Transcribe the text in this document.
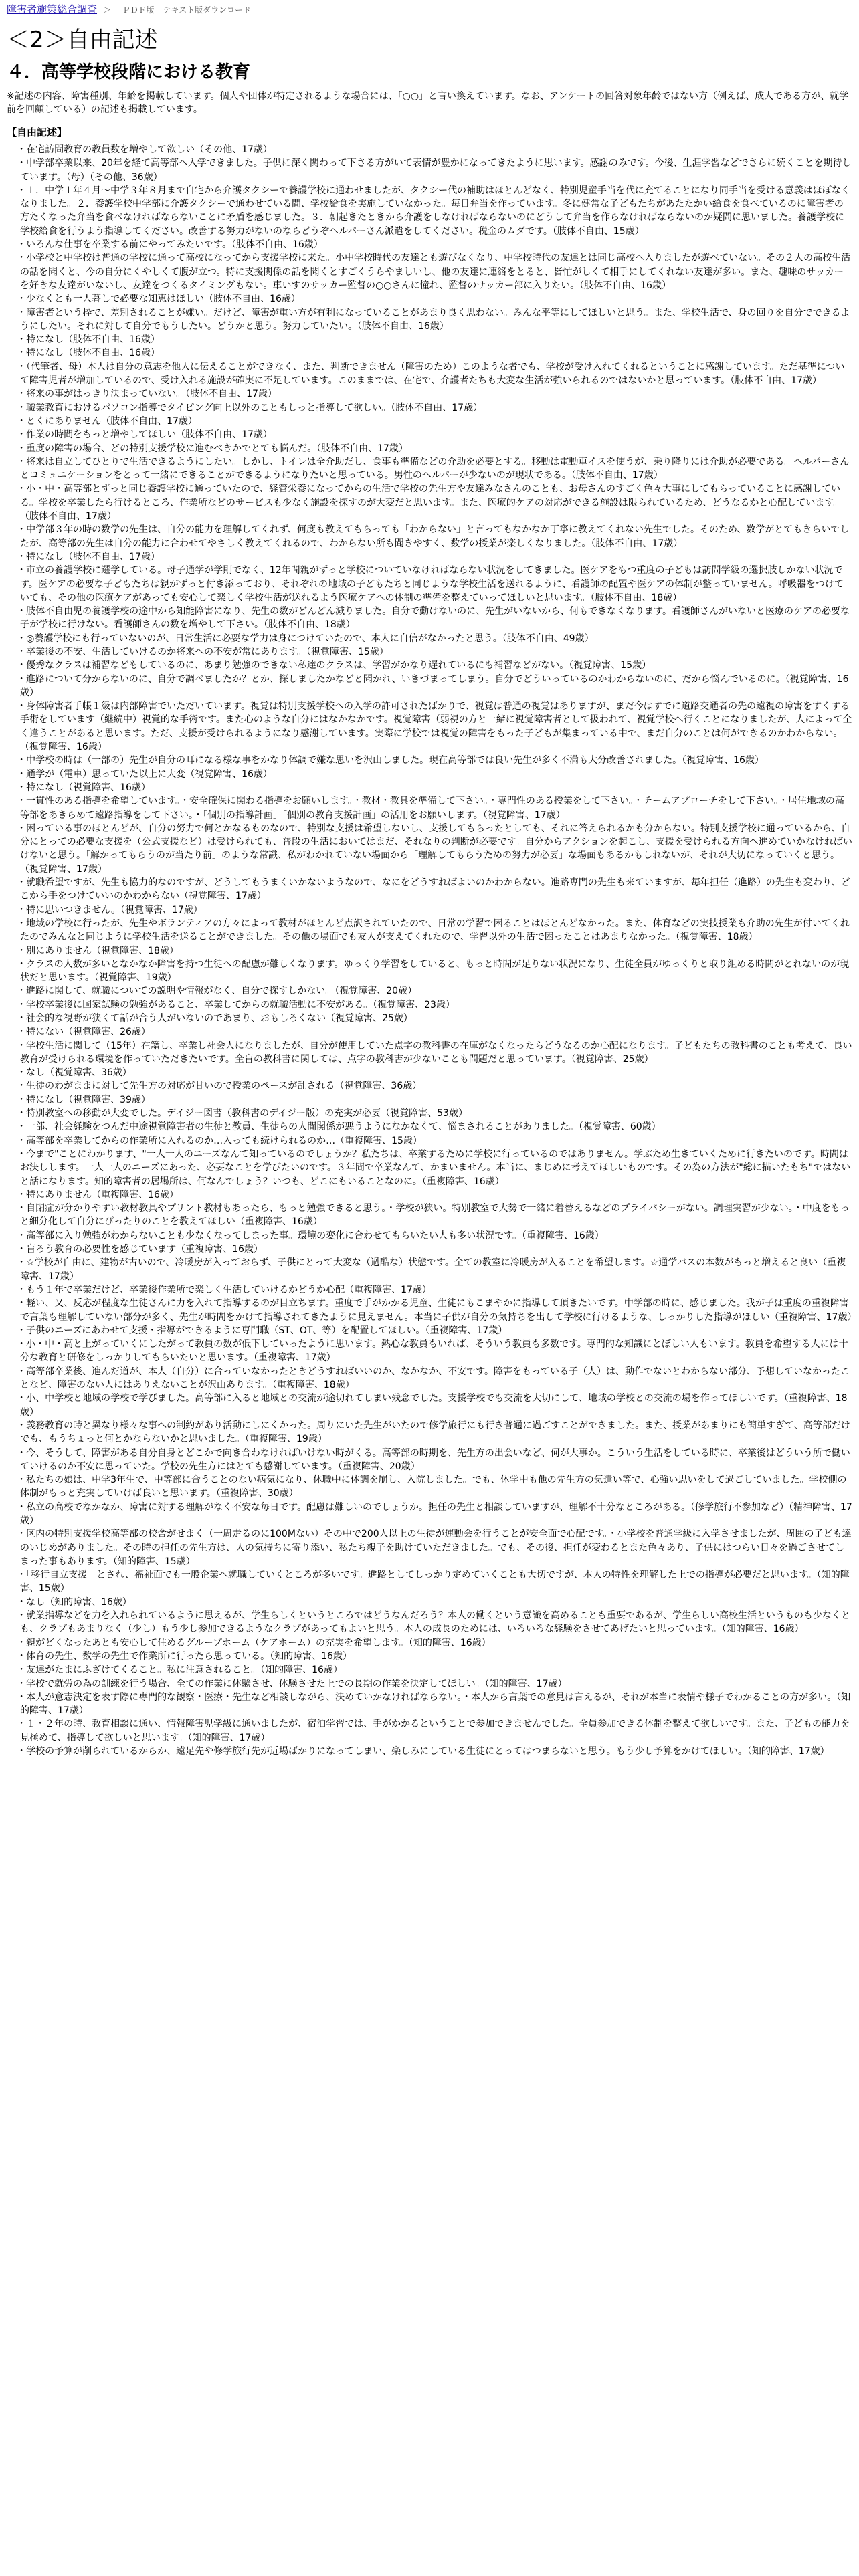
障害者施策総合調査 ＞ ＰＤＦ版 テキスト版ダウンロード
＜2＞自由記述
４．高等学校段階における教育

※記述の内容、障害種別、年齢を掲載しています。個人や団体が特定されるような場合には、「○○」と言い換えています。なお、アンケートの回答対象年齢ではない方（例えば、成人である方が、就学前を回顧している）の記述も掲載しています。

【自由記述】
・在宅訪問教育の教員数を増やして欲しい（その他、17歳）
・中学部卒業以来、20年を経て高等部へ入学できました。子供に深く関わって下さる方がいて表情が豊かになってきたように思います。感謝のみです。今後、生涯学習などでさらに続くことを期待しています。（母）（その他、36歳）
・１．中学１年４月～中学３年８月まで自宅から介護タクシーで養護学校に通わせましたが、タクシー代の補助はほとんどなく、特別児童手当を代に充てることになり同手当を受ける意義はほぼなくなりました。２．養護学校中学部に介護タクシーで通わせている間、学校給食を実施していなかった。毎日弁当を作っています。冬に健常な子どもたちがあたたかい給食を食べているのに障害者の方たくなった弁当を食べなければならないことに矛盾を感じました。３．朝起きたときから介護をしなければならないのにどうして弁当を作らなければならないのか疑問に思いました。養護学校に学校給食を行うよう指導してください。改善する努力がないのならどうぞヘルパーさん派遣をしてください。税金のムダです。（肢体不自由、15歳）
・いろんな仕事を卒業する前にやってみたいです。（肢体不自由、16歳）
・小学校と中学校は普通の学校に通って高校になってから支援学校に来た。小中学校時代の友達とも遊びなくなり、中学校時代の友達とは同じ高校へ入りましたが遊べていない。その２人の高校生活の話を聞くと、今の自分にくやしくて腹が立つ。特に支援関係の話を聞くとすごくうらやましいし、他の友達に連絡をとると、皆忙がしくて相手にしてくれない友達が多い。また、趣味のサッカーを好きな友達がいないし、友達をつくるタイミングもない。車いすのサッカー監督の○○さんに憧れ、監督のサッカー部に入りたい。（肢体不自由、16歳）
・少なくとも一人暮しで必要な知恵はほしい（肢体不自由、16歳）
・障害者という枠で、差別されることが嫌い。だけど、障害が重い方が有利になっていることがあまり良く思わない。みんな平等にしてほしいと思う。また、学校生活で、身の回りを自分でできるようにしたい。それに対して自分でもうしたい。どうかと思う。努力していたい。（肢体不自由、16歳）
・特になし（肢体不自由、16歳）
・特になし（肢体不自由、16歳）
・（代筆者、母）本人は自分の意志を他人に伝えることができなく、また、判断できません（障害のため）このような者でも、学校が受け入れてくれるということに感謝しています。ただ基準について障害児者が増加しているので、受け入れる施設が確実に不足しています。このままでは、在宅で、介護者たちも大変な生活が強いられるのではないかと思っています。（肢体不自由、17歳）
・将来の事がはっきり決まっていない。（肢体不自由、17歳）
・職業教育におけるパソコン指導でタイピング向上以外のこともしっと指導して欲しい。（肢体不自由、17歳）
・とくにありません（肢体不自由、17歳）
・作業の時間をもっと増やしてほしい（肢体不自由、17歳）
・重度の障害の場合、どの特別支援学校に進むべきかでとても悩んだ。（肢体不自由、17歳）
・将来は自立してひとりで生活できるようにしたい。しかし、トイレは全介助だし、食事も準備などの介助を必要とする。移動は電動車イスを使うが、乗り降りには介助が必要である。ヘルパーさんとコミュニケーションをとって一緒にできることができるようになりたいと思っている。男性のヘルパーが少ないのが現状である。（肢体不自由、17歳）
・小・中・高等部とずっと同じ養護学校に通っていたので、経管栄養になってからの生活で学校の先生方や友達みなさんのことも、お母さんのすごく色々大事にしてもらっていることに感謝している。学校を卒業したら行けるところ、作業所などのサービスも少なく施設を探すのが大変だと思います。また、医療的ケアの対応ができる施設は限られているため、どうなるかと心配しています。（肢体不自由、17歳）
・中学部３年の時の数学の先生は、自分の能力を理解してくれず、何度も教えてもらっても「わからない」と言ってもなかなか丁寧に教えてくれない先生でした。そのため、数学がとてもきらいでしたが、高等部の先生は自分の能力に合わせてやさしく教えてくれるので、わからない所も聞きやすく、数学の授業が楽しくなりました。（肢体不自由、17歳）
・特になし（肢体不自由、17歳）
・市立の養護学校に選学している。母子通学が学則でなく、12年間親がずっと学校についていなければならない状況をしてきました。医ケアをもつ重度の子どもは訪問学級の選択肢しかない状況です。医ケアの必要な子どもたちは親がずっと付き添っており、それぞれの地域の子どもたちと同じような学校生活を送れるように、看護師の配置や医ケアの体制が整っていません。呼吸器をつけていても、その他の医療ケアがあっても安心して楽しく学校生活が送れるよう医療ケアへの体制の準備を整えていってほしいと思います。（肢体不自由、18歳）
・肢体不自由児の養護学校の途中から知能障害になり、先生の数がどんどん減りました。自分で動けないのに、先生がいないから、何もできなくなります。看護師さんがいないと医療のケアの必要な子が学校に行けない。看護師さんの数を増やして下さい。（肢体不自由、18歳）
・◎養護学校にも行っていないのが、日常生活に必要な学力は身につけていたので、本人に自信がなかったと思う。（肢体不自由、49歳）
・卒業後の不安、生活していけるのか将来への不安が常にあります。（視覚障害、15歳）
・優秀なクラスは補習などもしているのに、あまり勉強のできない私達のクラスは、学習がかなり遅れているにも補習などがない。（視覚障害、15歳）
・進路について分からないのに、自分で調べましたか？とか、探しましたかなどと聞かれ、いきづまってしまう。自分でどういっているのかわからないのに、だから悩んでいるのに。（視覚障害、16歳）
・身体障害者手帳１級は内部障害でいただいています。視覚は特別支援学校への入学の許可されたばかりで、視覚は普通の視覚はありますが、まだ今はすでに道路交通者の先の遠視の障害をすくする手術をしています（継続中）視覚的な手術です。また心のような自分にはなかなかです。視覚障害（弱視の方と一緒に視覚障害者として扱われて、視覚学校へ行くことになりましたが、人によって全く違うことがあると思います。ただ、支援が受けられるようになり感謝しています。実際に学校では視覚の障害をもった子どもが集まっている中で、まだ自分のことは何ができるのかわからない。（視覚障害、16歳）
・中学校の時は（一部の）先生が自分の耳になる様な事をかなり体調で嫌な思いを沢山しました。現在高等部では良い先生が多く不満も大分改善されました。（視覚障害、16歳）
・通学が（電車）思っていた以上に大変（視覚障害、16歳）
・特になし（視覚障害、16歳）
・一貫性のある指導を希望しています。・安全確保に関わる指導をお願いします。・教材・教具を準備して下さい。・専門性のある授業をして下さい。・チームアプローチをして下さい。・居住地域の高等部をあきらめて遠路指導をして下さい。・「個別の指導計画」「個別の教育支援計画」の活用をお願いします。（視覚障害、17歳）
・困っている事のほとんどが、自分の努力で何とかなるものなので、特別な支援は希望しないし、支援してもらったとしても、それに答えられるかも分からない。特別支援学校に通っているから、自分にとっての必要な支援を（公式支援など）は受けられても、普段の生活においてはまだ、それなりの判断が必要です。自分からアクションを起こし、支援を受けられる方向へ進めていかなければいけないと思う。「解かってもらうのが当たり前」のような常識、私がわかれていない場面から「理解してもらうための努力が必要」な場面もあるかもしれないが、それが大切になっていくと思う。（視覚障害、17歳）
・就職希望ですが、先生も協力的なのですが、どうしてもうまくいかないようなので、なにをどうすればよいのかわからない。進路専門の先生も来ていますが、毎年担任（進路）の先生も変わり、どこから手をつけていいのかわからない（視覚障害、17歳）
・特に思いつきません。（視覚障害、17歳）
・地域の学校に行ったが、先生やボランティアの方々によって教材がほとんど点訳されていたので、日常の学習で困ることはほとんどなかった。また、体育などの実技授業も介助の先生が付いてくれたのでみんなと同じように学校生活を送ることができました。その他の場面でも友人が支えてくれたので、学習以外の生活で困ったことはあまりなかった。（視覚障害、18歳）
・別にありません（視覚障害、18歳）
・クラスの人数が多いとなかなか障害を持つ生徒への配慮が難しくなります。ゆっくり学習をしていると、もっと時間が足りない状況になり、生徒全員がゆっくりと取り組める時間がとれないのが現状だと思います。（視覚障害、19歳）
・進路に関して、就職についての説明や情報がなく、自分で探すしかない。（視覚障害、20歳）
・学校卒業後に国家試験の勉強があること、卒業してからの就職活動に不安がある。（視覚障害、23歳）
・社会的な視野が狭くて話が合う人がいないのであまり、おもしろくない（視覚障害、25歳）
・特にない（視覚障害、26歳）
・学校生活に関して（15年）在籍し、卒業し社会人になりましたが、自分が使用していた点字の教科書の在庫がなくなったらどうなるのか心配になります。子どもたちの教科書のことも考えて、良い教育が受けられる環境を作っていただきたいです。全盲の教科書に関しては、点字の教科書が少ないことも問題だと思っています。（視覚障害、25歳）
・なし（視覚障害、36歳）
・生徒のわがままに対して先生方の対応が甘いので授業のペースが乱される（視覚障害、36歳）
・特になし（視覚障害、39歳）
・特別教室への移動が大変でした。デイジー図書（教科書のデイジー版）の充実が必要（視覚障害、53歳）
・一部、社会経験をつんだ中途視覚障害者の生徒と教員、生徒らの人間関係が悪うようになかなくて、悩まされることがありました。（視覚障害、60歳）
・高等部を卒業してからの作業所に入れるのか…入っても続けられるのか…（重複障害、15歳）
・今まで"ことにわかります、"一人一人のニーズなんて知っているのでしょうか？私たちは、卒業するために学校に行っているのではありません。学ぶため生きていくために行きたいのです。時間はお決しします。一人一人のニーズにあった、必要なことを学びたいのです。３年間で卒業なんて、かまいません。本当に、まじめに考えてほしいものです。その為の方法が"総に描いたもち"ではないと話になります。知的障害者の居場所は、何なんでしょう？いつも、どこにもいることなのに。（重複障害、16歳）
・特にありません（重複障害、16歳）
・自閉症が分かりやすい教材教具やプリント教材もあったら、もっと勉強できると思う。・学校が狭い。特別教室で大勢で一緒に着替えるなどのプライバシーがない。調理実習が少ない。・中度をもっと細分化して自分にぴったりのことを教えてほしい（重複障害、16歳）
・高等部に入り勉強がわからないことも少なくなってしまった事。環境の変化に合わせてもらいたい人も多い状況です。（重複障害、16歳）
・盲ろう教育の必要性を感じています（重複障害、16歳）
・☆学校が自由に、建物が古いので、冷暖房が入っておらず、子供にとって大変な（過酷な）状態です。全ての教室に冷暖房が入ることを希望します。☆通学バスの本数がもっと増えると良い（重複障害、17歳）
・もう１年で卒業だけど、卒業後作業所で楽しく生活していけるかどうか心配（重複障害、17歳）
・軽い、又、反応が程度な生徒さんに力を入れて指導するのが目立ちます。重度で手がかかる児童、生徒にもこまやかに指導して頂きたいです。中学部の時に、感じました。我が子は重度の重複障害で言葉も理解していない部分が多く、先生が時間をかけて指導されてきたように見えません。本当に子供が自分の気持ちを出して学校に行けるような、しっかりした指導がほしい（重複障害、17歳）
・子供のニーズにあわせて支援・指導ができるように専門職（ST、OT、等）を配置してほしい。（重複障害、17歳）
・小・中・高と上がっていくにしたがって教員の数が低下していったように思います。熱心な教員もいれば、そういう教員も多数です。専門的な知識にとぼしい人もいます。教員を希望する人には十分な教育と研修をしっかりしてもらいたいと思います。（重複障害、17歳）
・高等部卒業後、進んだ道が、本人（自分）に合っていなかったときどうすればいいのか、なかなか、不安です。障害をもっている子（人）は、動作でないとわからない部分、予想していなかったことなど、障害のない人にはありえないことが沢山あります。（重複障害、18歳）
・小、中学校と地域の学校で学びました。高等部に入ると地域との交流が途切れてしまい残念でした。支援学校でも交流を大切にして、地域の学校との交流の場を作ってほしいです。（重複障害、18歳）
・義務教育の時と異なり様々な事への制約があり活動にしにくかった。周りにいた先生がいたので修学旅行にも行き普通に過ごすことができました。また、授業があまりにも簡単すぎて、高等部だけでも、もうちょっと何とかならないかと思いました。（重複障害、19歳）
・今、そうして、障害がある自分自身とどこかで向き合わなければいけない時がくる。高等部の時期を、先生方の出会いなど、何が大事か。こういう生活をしている時に、卒業後はどういう所で働いていけるのか不安に思っていた。学校の先生方にはとても感謝しています。（重複障害、20歳）
・私たちの娘は、中学3年生で、中等部に合うことのない病気になり、休職中に体調を崩し、入院しました。でも、休学中も他の先生方の気遣い等で、心強い思いをして過ごしていました。学校側の体制がもっと充実していけば良いと思います。（重複障害、30歳）
・私立の高校でなかなか、障害に対する理解がなく不安な毎日です。配慮は難しいのでしょうか。担任の先生と相談していますが、理解不十分なところがある。（修学旅行不参加など）（精神障害、17歳）
・区内の特別支援学校高等部の校舎がせまく（一周走るのに100Mない）その中で200人以上の生徒が運動会を行うことが安全面で心配です。・小学校を普通学級に入学させましたが、周囲の子ども達のいじめがありました。その時の担任の先生方は、人の気持ちに寄り添い、私たち親子を助けていただきました。でも、その後、担任が変わるとまた色々あり、子供にはつらい日々を過ごさせてしまった事もあります。（知的障害、15歳）
・「移行自立支援」とされ、福祉面でも一般企業へ就職していくところが多いです。進路としてしっかり定めていくことも大切ですが、本人の特性を理解した上での指導が必要だと思います。（知的障害、15歳）
・なし（知的障害、16歳）
・就業指導などを力を入れられているように思えるが、学生らしくというところではどうなんだろう？本人の働くという意識を高めることも重要であるが、学生らしい高校生活というものも少なくとも、クラブもあまりなく（少し）もう少し参加できるようなクラブがあってもよいと思う。本人の成長のためには、いろいろな経験をさせてあげたいと思っています。（知的障害、16歳）
・親がどくなったあとも安心して住めるグループホーム（ケアホーム）の充実を希望します。（知的障害、16歳）
・体育の先生、数学の先生で作業所に行ったら思っている。（知的障害、16歳）
・友達がたまにふざけてくること。私に注意されること。（知的障害、16歳）
・学校で就労の為の訓練を行う場合、全ての作業に体験させ、体験させた上での長期の作業を決定してほしい。（知的障害、17歳）
・本人が意志決定を表す際に専門的な観察・医療・先生など相談しながら、決めていかなければならない。・本人から言葉での意見は言えるが、それが本当に表情や様子でわかることの方が多い。（知的障害、17歳）
・１・２年の時、教育相談に通い、情報障害児学級に通いましたが、宿泊学習では、手がかかるということで参加できませんでした。全員参加できる体制を整えて欲しいです。また、子どもの能力を見極めて、指導して欲しいと思います。（知的障害、17歳）
・学校の予算が削られているからか、遠足先や修学旅行先が近場ばかりになってしまい、楽しみにしている生徒にとってはつまらないと思う。もう少し予算をかけてほしい。（知的障害、17歳）
